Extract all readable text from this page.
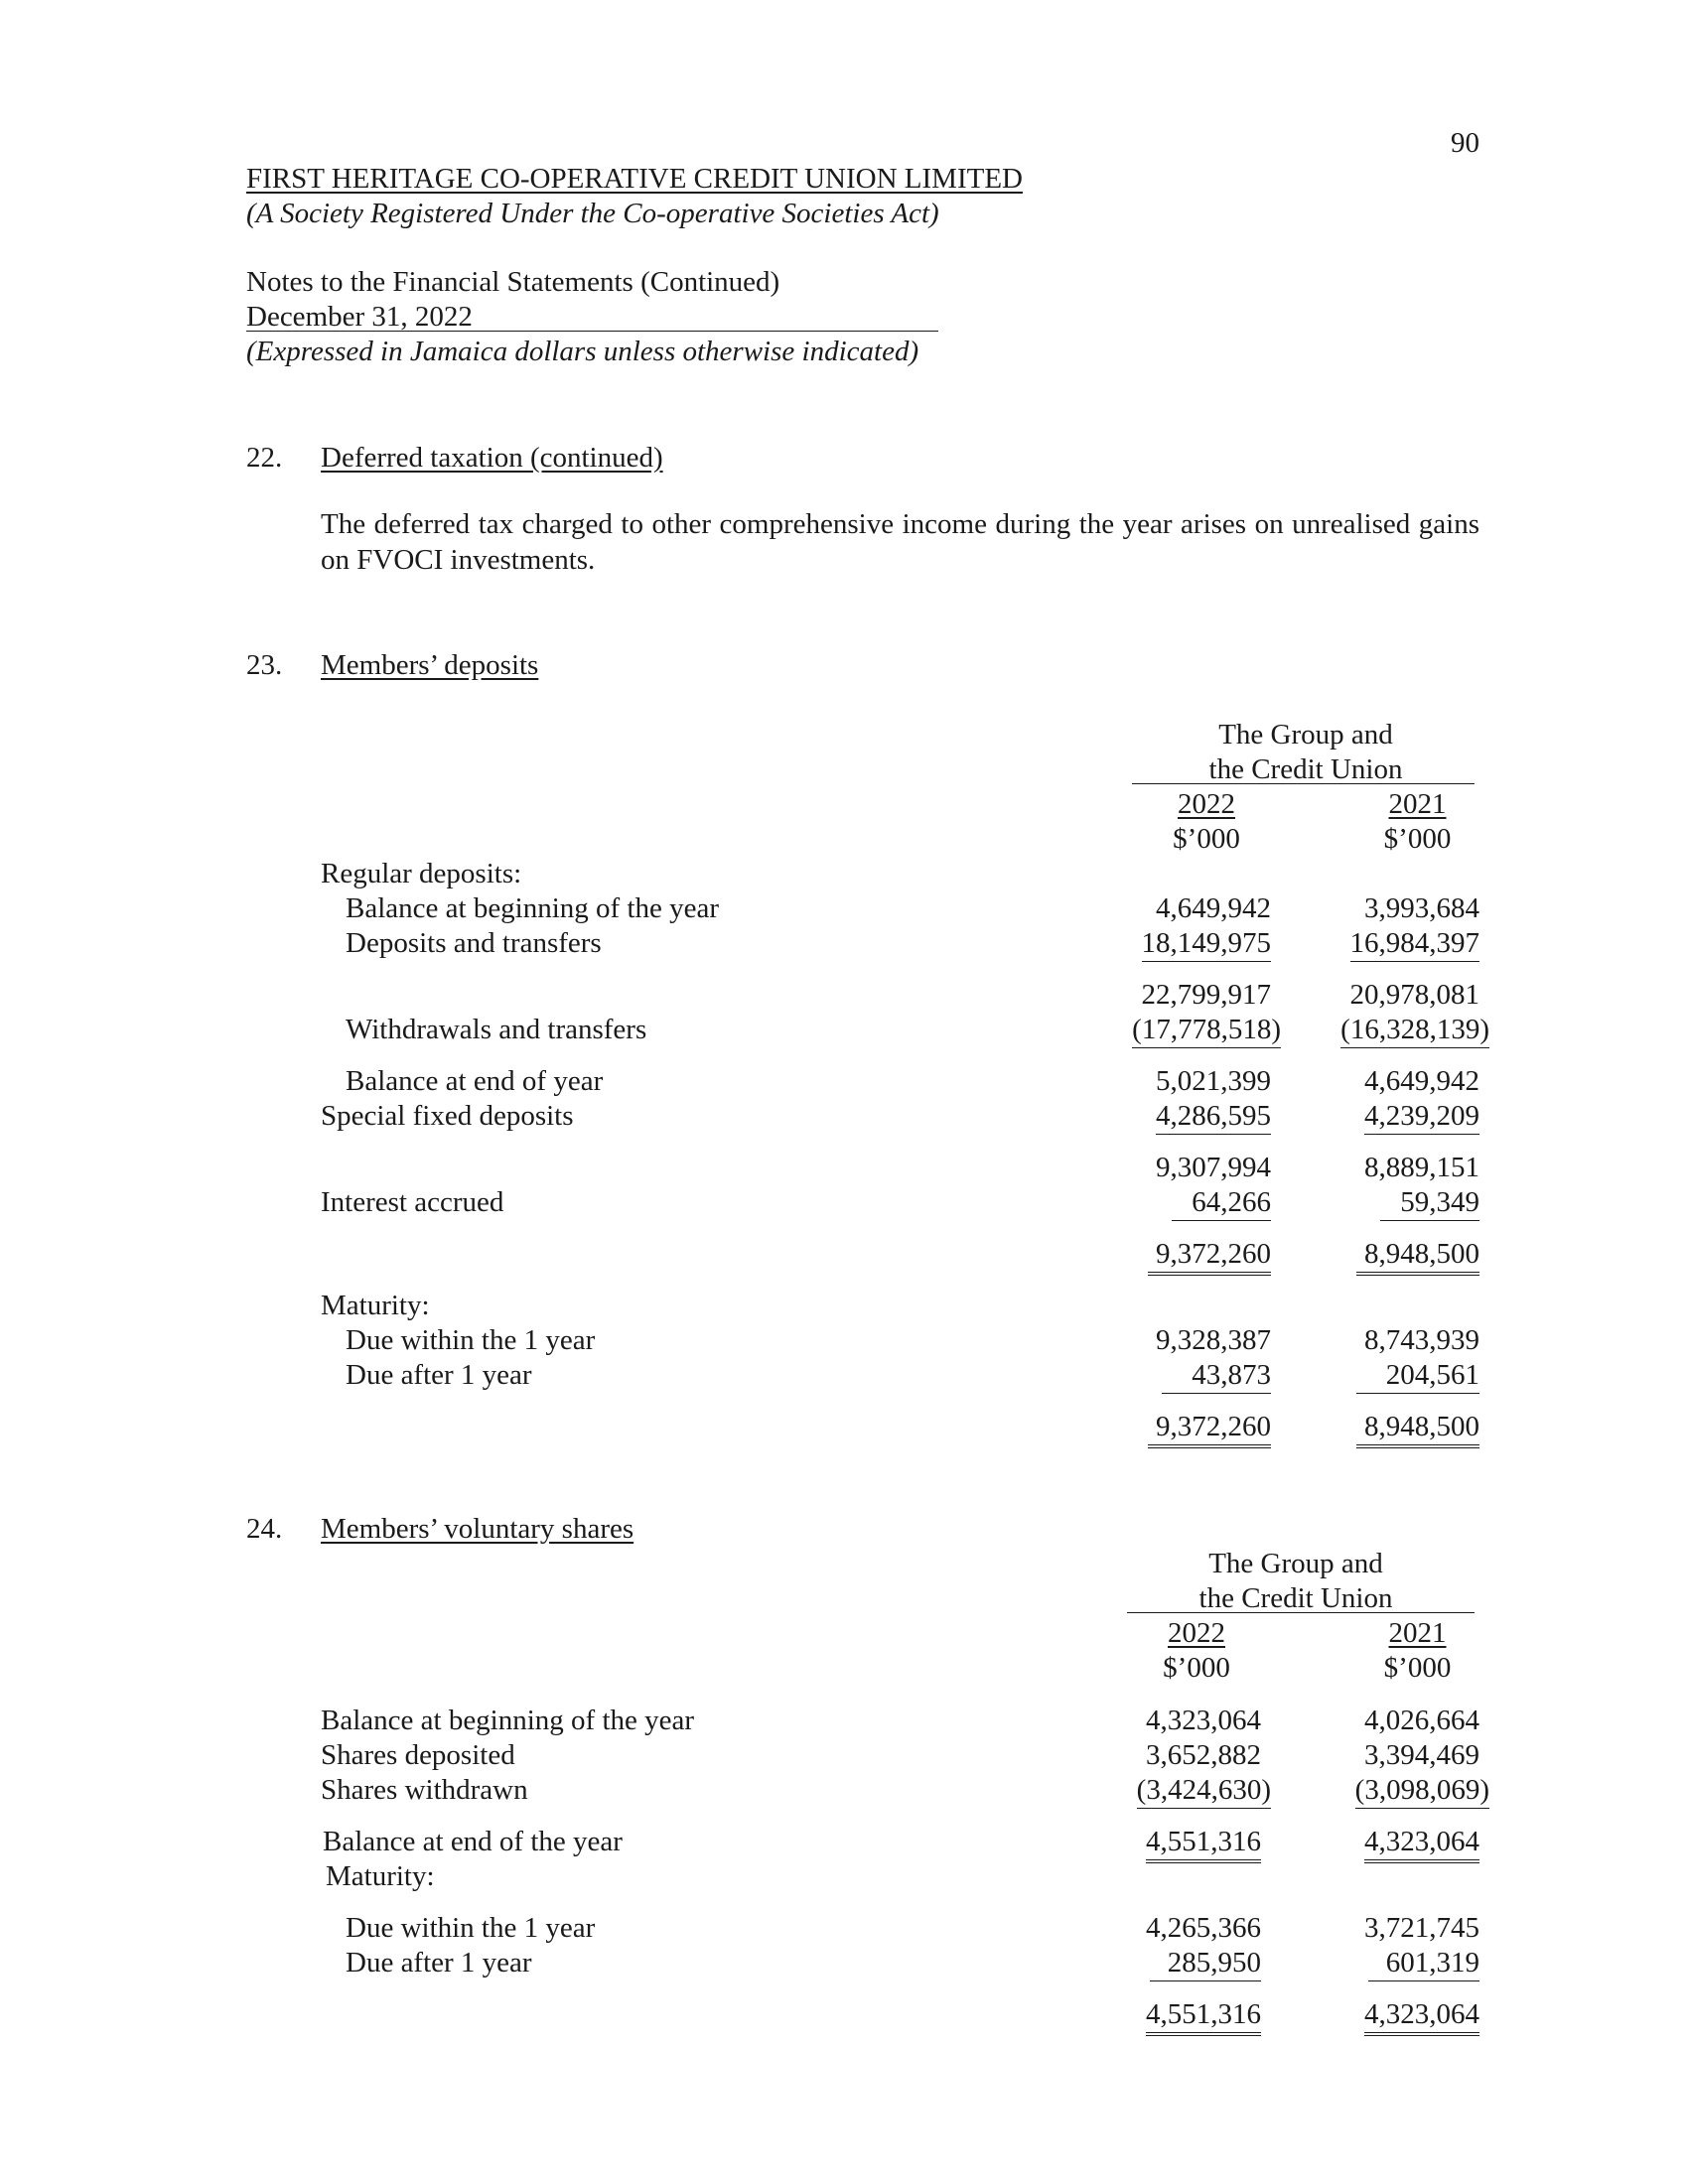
90
FIRST HERITAGE CO-OPERATIVE CREDIT UNION LIMITED
(A Society Registered Under the Co-operative Societies Act)
Notes to the Financial Statements (Continued)
December 31, 2022
(Expressed in Jamaica dollars unless otherwise indicated)
22. Deferred taxation (continued)
The deferred tax charged to other comprehensive income during the year arises on unrealised gains on FVOCI investments.
23. Members’ deposits
The Group and
the Credit Union
2022	2021
$’000	$’000
Regular deposits:
Balance at beginning of the year	4,649,942	3,993,684
Deposits and transfers	18,149,975	16,984,397
22,799,917	20,978,081
Withdrawals and transfers	(17,778,518)	(16,328,139)
Balance at end of year	5,021,399	4,649,942
Special fixed deposits	4,286,595	4,239,209
9,307,994	8,889,151
Interest accrued	64,266	59,349
9,372,260	8,948,500
Maturity:
Due within the 1 year	9,328,387	8,743,939
Due after 1 year	43,873	204,561
9,372,260	8,948,500
24. Members’ voluntary shares
The Group and
the Credit Union
2022	2021
$’000	$’000
Balance at beginning of the year	4,323,064	4,026,664
Shares deposited	3,652,882	3,394,469
Shares withdrawn	(3,424,630)	(3,098,069)
Balance at end of the year	4,551,316	4,323,064
Maturity:
Due within the 1 year	4,265,366	3,721,745
Due after 1 year	285,950	601,319
4,551,316	4,323,064
